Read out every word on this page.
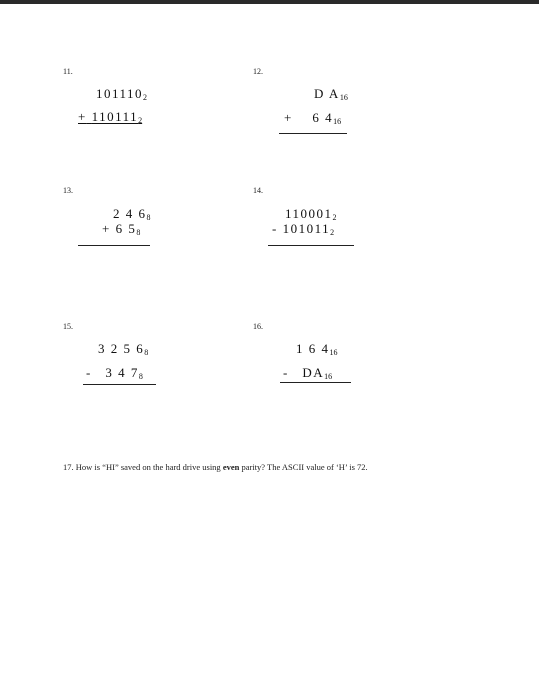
11.
$101110_2$
+ $110111_2$
12.
D $A_{16}$
+ 6 $4_{16}$
13.
2 4 $6_8$
+ 6 $5_8$
14.
$110001_2$
- $101011_2$
15.
3 2 5 $6_8$
- 3 4 $7_8$
16.
1 6 $4_{16}$
- $DA_{16}$
17. How is “HI” saved on the hard drive using even parity? The ASCII value of ‘H’ is 72.
